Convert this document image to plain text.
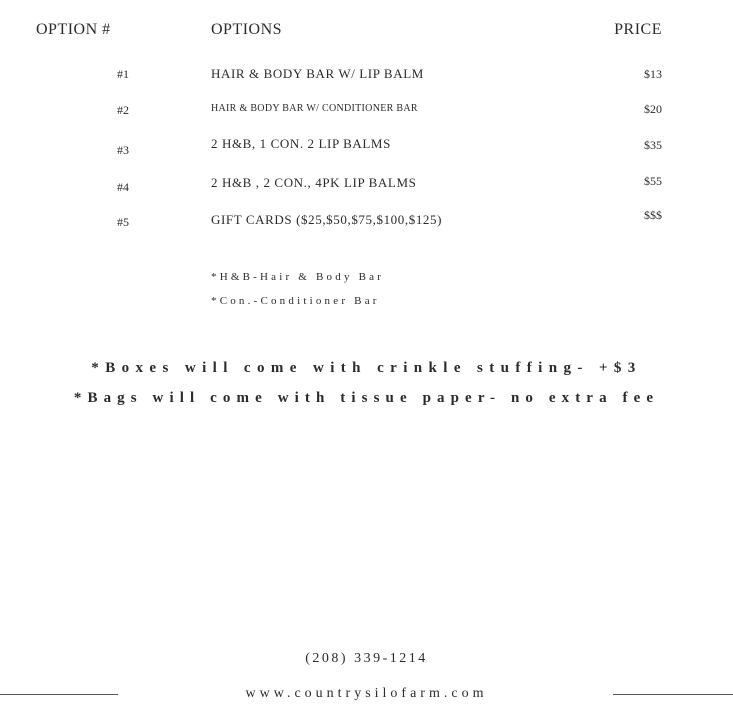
OPTION #	OPTIONS	PRICE
#1	HAIR & BODY BAR W/ LIP BALM	$13
#2	HAIR & BODY BAR W/ CONDITIONER BAR	$20
#3	2 H&B, 1 CON. 2 LIP BALMS	$35
#4	2 H&B , 2 CON., 4PK LIP BALMS	$55
#5	GIFT CARDS ($25,$50,$75,$100,$125)	$$$
*H&B-Hair & Body Bar
*Con.-Conditioner Bar
*Boxes will come with crinkle stuffing- +$3
*Bags will come with tissue paper- no extra fee
(208) 339-1214
www.countrysilofarm.com
